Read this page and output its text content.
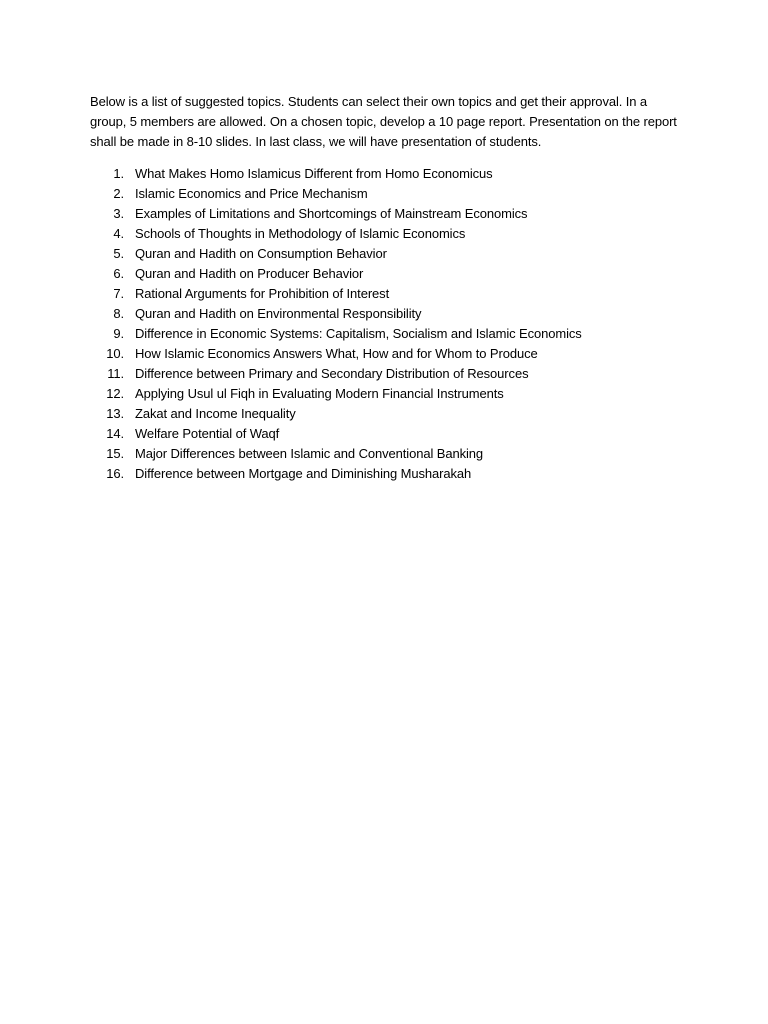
Below is a list of suggested topics. Students can select their own topics and get their approval. In a
group, 5 members are allowed. On a chosen topic, develop a 10 page report. Presentation on the report
shall be made in 8-10 slides. In last class, we will have presentation of students.

1. What Makes Homo Islamicus Different from Homo Economicus
2. Islamic Economics and Price Mechanism
3. Examples of Limitations and Shortcomings of Mainstream Economics
4. Schools of Thoughts in Methodology of Islamic Economics
5. Quran and Hadith on Consumption Behavior
6. Quran and Hadith on Producer Behavior
7. Rational Arguments for Prohibition of Interest
8. Quran and Hadith on Environmental Responsibility
9. Difference in Economic Systems: Capitalism, Socialism and Islamic Economics
10. How Islamic Economics Answers What, How and for Whom to Produce
11. Difference between Primary and Secondary Distribution of Resources
12. Applying Usul ul Fiqh in Evaluating Modern Financial Instruments
13. Zakat and Income Inequality
14. Welfare Potential of Waqf
15. Major Differences between Islamic and Conventional Banking
16. Difference between Mortgage and Diminishing Musharakah
